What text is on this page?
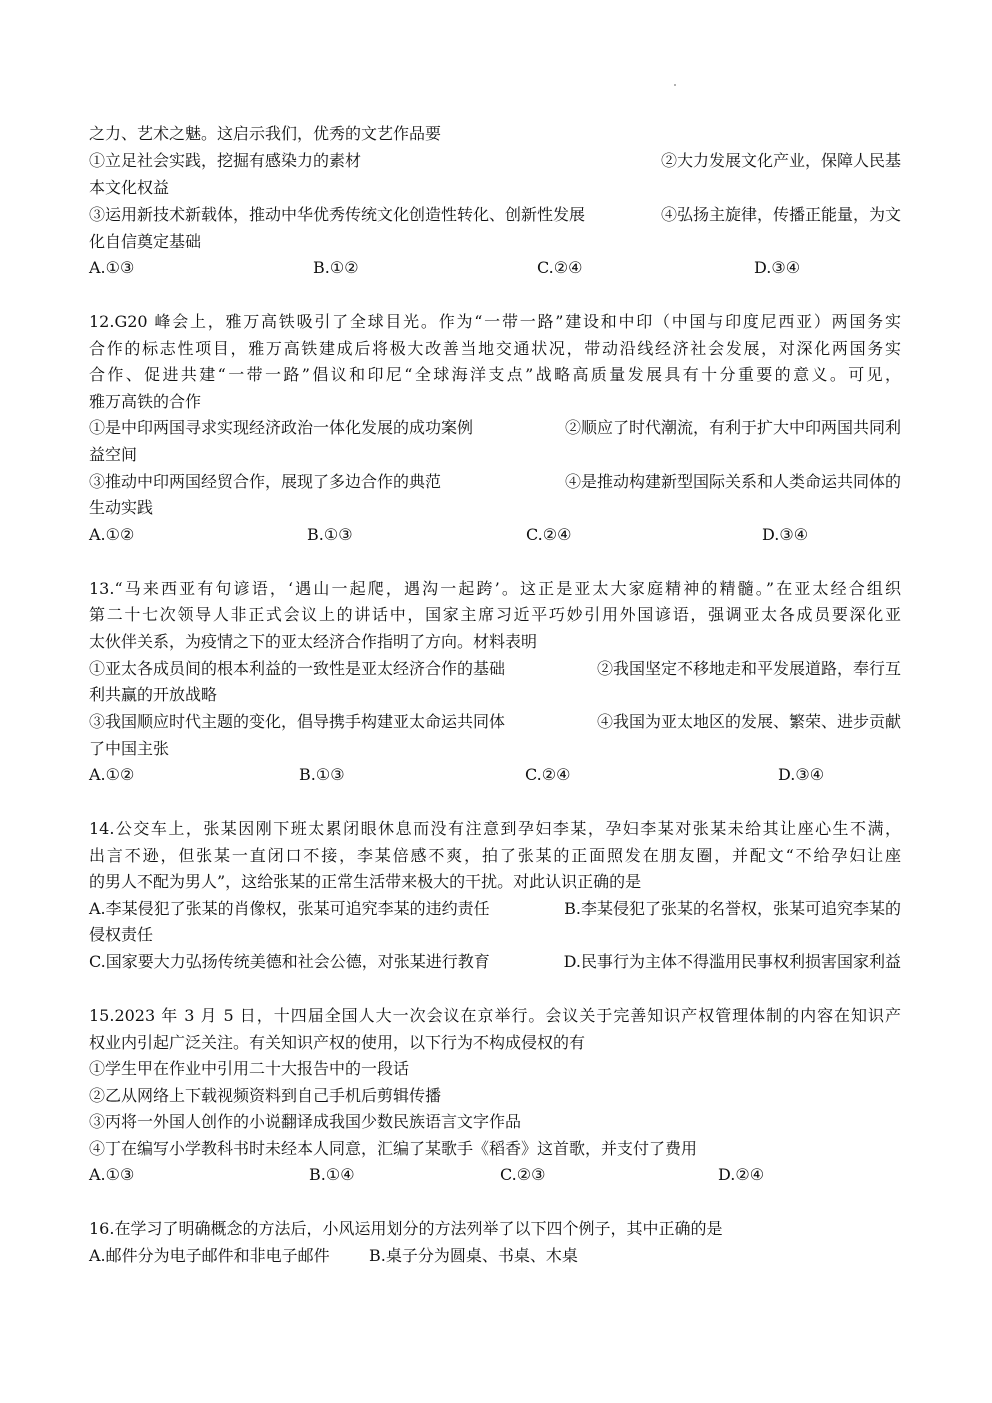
之力、艺术之魅。这启示我们，优秀的文艺作品要
①立足社会实践，挖掘有感染力的素材	②大力发展文化产业，保障人民基
本文化权益
③运用新技术新载体，推动中华优秀传统文化创造性转化、创新性发展	④弘扬主旋律，传播正能量，为文
化自信奠定基础
A.①③	B.①②	C.②④	D.③④
12.G20 峰会上，雅万高铁吸引了全球目光。作为“一带一路”建设和中印（中国与印度尼西亚）两国务实
合作的标志性项目，雅万高铁建成后将极大改善当地交通状况，带动沿线经济社会发展，对深化两国务实
合作、促进共建“一带一路”倡议和印尼“全球海洋支点”战略高质量发展具有十分重要的意义。可见，
雅万高铁的合作
①是中印两国寻求实现经济政治一体化发展的成功案例	②顺应了时代潮流，有利于扩大中印两国共同利
益空间
③推动中印两国经贸合作，展现了多边合作的典范	④是推动构建新型国际关系和人类命运共同体的
生动实践
A.①②	B.①③	C.②④	D.③④
13.“马来西亚有句谚语，‘遇山一起爬，遇沟一起跨’。这正是亚太大家庭精神的精髓。”在亚太经合组织
第二十七次领导人非正式会议上的讲话中，国家主席习近平巧妙引用外国谚语，强调亚太各成员要深化亚
太伙伴关系，为疫情之下的亚太经济合作指明了方向。材料表明
①亚太各成员间的根本利益的一致性是亚太经济合作的基础	②我国坚定不移地走和平发展道路，奉行互
利共赢的开放战略
③我国顺应时代主题的变化，倡导携手构建亚太命运共同体	④我国为亚太地区的发展、繁荣、进步贡献
了中国主张
A.①②	B.①③	C.②④	D.③④
14.公交车上，张某因刚下班太累闭眼休息而没有注意到孕妇李某，孕妇李某对张某未给其让座心生不满，
出言不逊，但张某一直闭口不接，李某倍感不爽，拍了张某的正面照发在朋友圈，并配文“不给孕妇让座
的男人不配为男人”，这给张某的正常生活带来极大的干扰。对此认识正确的是
A.李某侵犯了张某的肖像权，张某可追究李某的违约责任	B.李某侵犯了张某的名誉权，张某可追究李某的
侵权责任
C.国家要大力弘扬传统美德和社会公德，对张某进行教育	D.民事行为主体不得滥用民事权利损害国家利益
15.2023 年 3 月 5 日，十四届全国人大一次会议在京举行。会议关于完善知识产权管理体制的内容在知识产
权业内引起广泛关注。有关知识产权的使用，以下行为不构成侵权的有
①学生甲在作业中引用二十大报告中的一段话
②乙从网络上下载视频资料到自己手机后剪辑传播
③丙将一外国人创作的小说翻译成我国少数民族语言文字作品
④丁在编写小学教科书时未经本人同意，汇编了某歌手《稻香》这首歌，并支付了费用
A.①③	B.①④	C.②③	D.②④
16.在学习了明确概念的方法后，小风运用划分的方法列举了以下四个例子，其中正确的是
A.邮件分为电子邮件和非电子邮件 B.桌子分为圆桌、书桌、木桌
